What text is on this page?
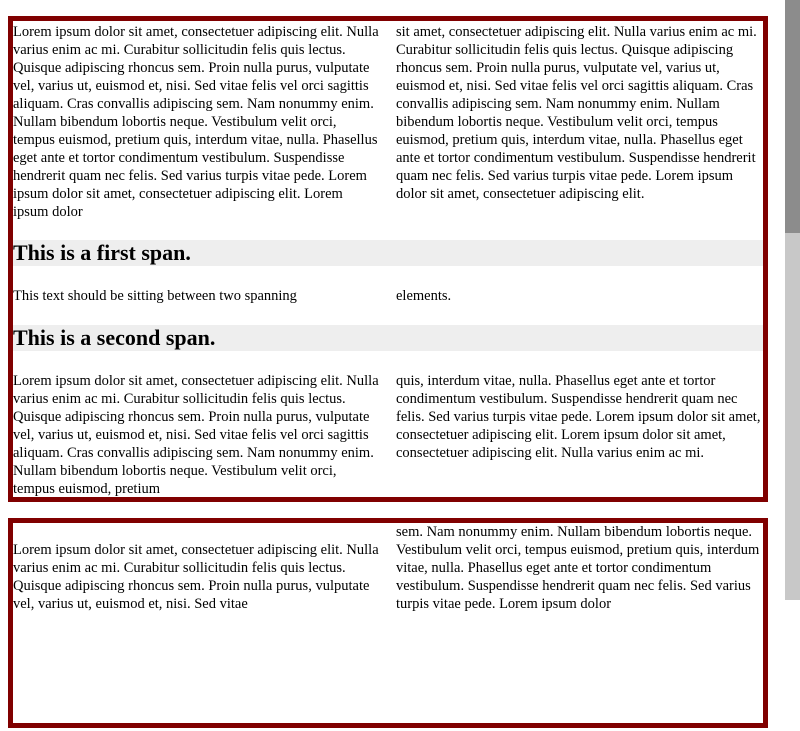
Lorem ipsum dolor sit amet, consectetuer adipiscing elit. Nulla varius enim ac mi. Curabitur sollicitudin felis quis lectus. Quisque adipiscing rhoncus sem. Proin nulla purus, vulputate vel, varius ut, euismod et, nisi. Sed vitae felis vel orci sagittis aliquam. Cras convallis adipiscing sem. Nam nonummy enim. Nullam bibendum lobortis neque. Vestibulum velit orci, tempus euismod, pretium quis, interdum vitae, nulla. Phasellus eget ante et tortor condimentum vestibulum. Suspendisse hendrerit quam nec felis. Sed varius turpis vitae pede. Lorem ipsum dolor sit amet, consectetuer adipiscing elit. Lorem ipsum dolor

sit amet, consectetuer adipiscing elit. Nulla varius enim ac mi. Curabitur sollicitudin felis quis lectus. Quisque adipiscing rhoncus sem. Proin nulla purus, vulputate vel, varius ut, euismod et, nisi. Sed vitae felis vel orci sagittis aliquam. Cras convallis adipiscing sem. Nam nonummy enim. Nullam bibendum lobortis neque. Vestibulum velit orci, tempus euismod, pretium quis, interdum vitae, nulla. Phasellus eget ante et tortor condimentum vestibulum. Suspendisse hendrerit quam nec felis. Sed varius turpis vitae pede. Lorem ipsum dolor sit amet, consectetuer adipiscing elit.

This is a first span.

This text should be sitting between two spanning	elements.

This is a second span.

Lorem ipsum dolor sit amet, consectetuer adipiscing elit. Nulla varius enim ac mi. Curabitur sollicitudin felis quis lectus. Quisque adipiscing rhoncus sem. Proin nulla purus, vulputate vel, varius ut, euismod et, nisi. Sed vitae felis vel orci sagittis aliquam. Cras convallis adipiscing sem. Nam nonummy enim. Nullam bibendum lobortis neque. Vestibulum velit orci, tempus euismod, pretium

quis, interdum vitae, nulla. Phasellus eget ante et tortor condimentum vestibulum. Suspendisse hendrerit quam nec felis. Sed varius turpis vitae pede. Lorem ipsum dolor sit amet, consectetuer adipiscing elit. Lorem ipsum dolor sit amet, consectetuer adipiscing elit. Nulla varius enim ac mi.

Lorem ipsum dolor sit amet, consectetuer adipiscing elit. Nulla varius enim ac mi. Curabitur sollicitudin felis quis lectus. Quisque adipiscing rhoncus sem. Proin nulla purus, vulputate vel, varius ut, euismod et, nisi. Sed vitae

sem. Nam nonummy enim. Nullam bibendum lobortis neque. Vestibulum velit orci, tempus euismod, pretium quis, interdum vitae, nulla. Phasellus eget ante et tortor condimentum vestibulum. Suspendisse hendrerit quam nec felis. Sed varius turpis vitae pede. Lorem ipsum dolor
